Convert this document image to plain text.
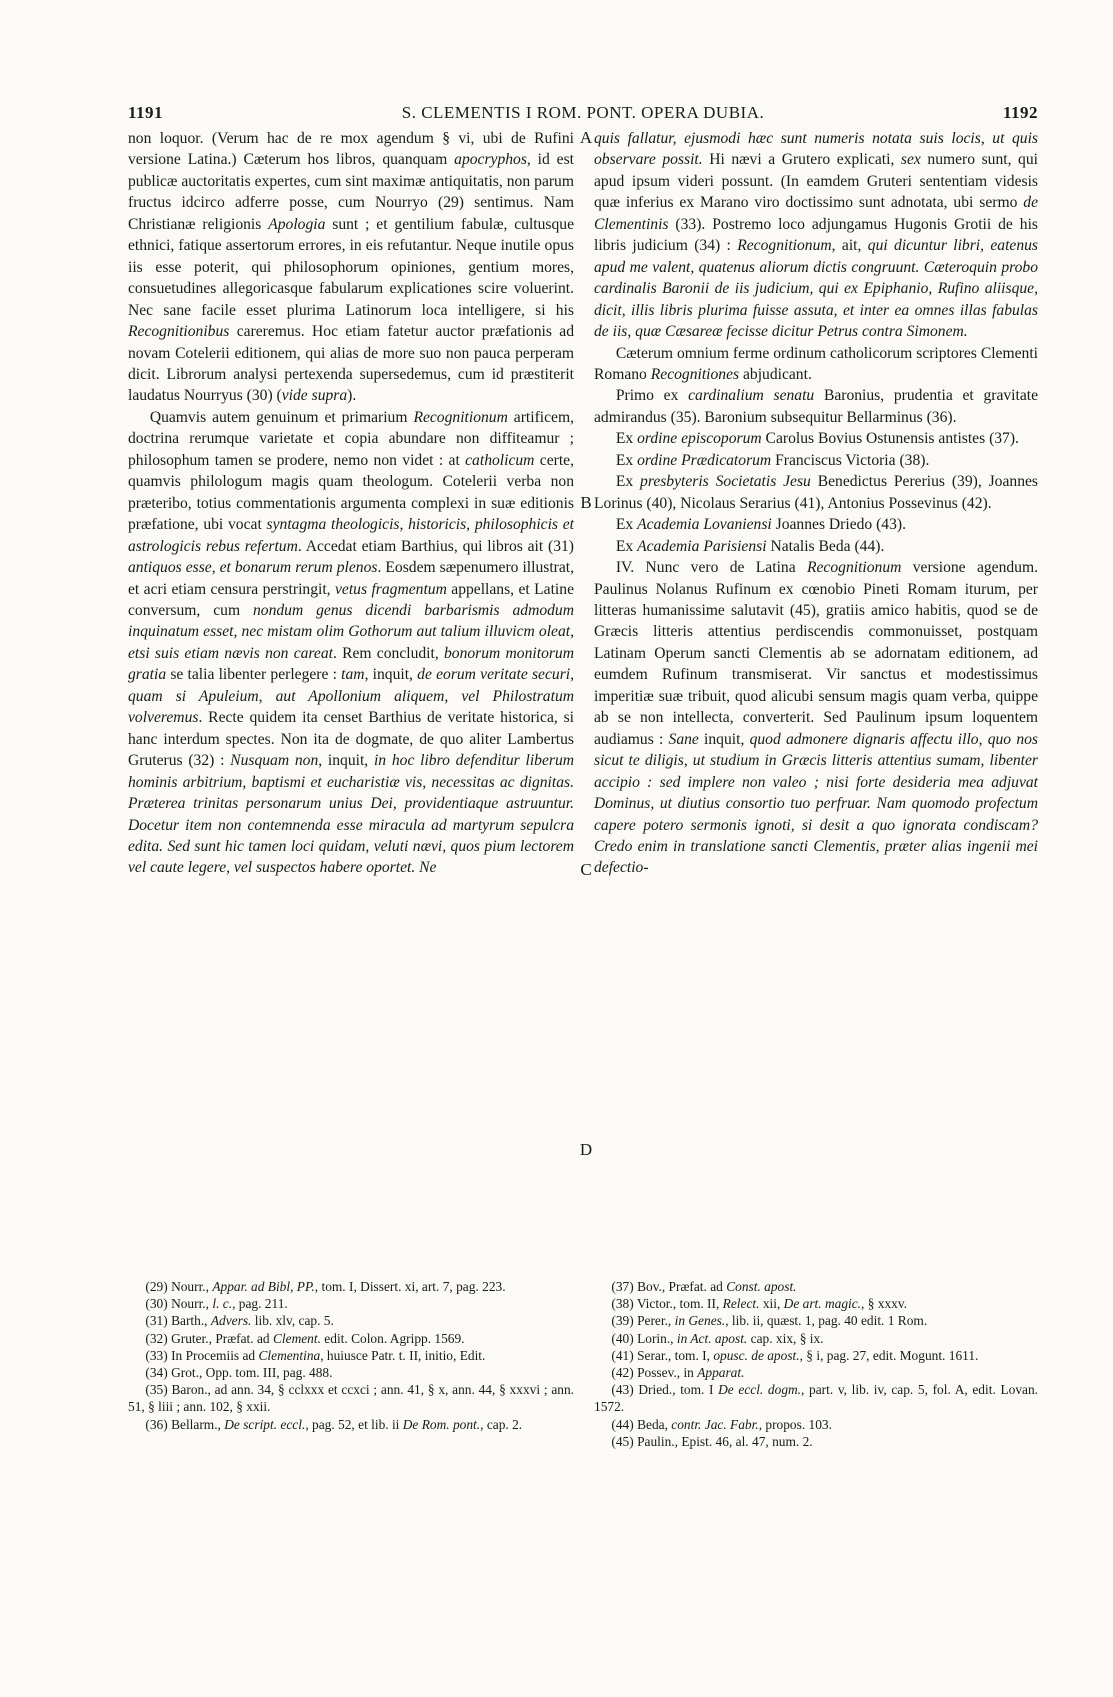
1191	S. CLEMENTIS I ROM. PONT. OPERA DUBIA.	1192
A
B
C
D

non loquor. (Verum hac de re mox agendum § vi, ubi de Rufini versione Latina.) Cæterum hos libros, quanquam apocryphos, id est publicæ auctoritatis expertes, cum sint maximæ antiquitatis, non parum fructus idcirco adferre posse, cum Nourryo (29) sentimus. Nam Christianæ religionis Apologia sunt ; et gentilium fabulæ, cultusque ethnici, fatique assertorum errores, in eis refutantur. Neque inutile opus iis esse poterit, qui philosophorum opiniones, gentium mores, consuetudines allegoricasque fabularum explicationes scire voluerint. Nec sane facile esset plurima Latinorum loca intelligere, si his Recognitionibus careremus. Hoc etiam fatetur auctor præfationis ad novam Cotelerii editionem, qui alias de more suo non pauca perperam dicit. Librorum analysi pertexenda supersedemus, cum id præstiterit laudatus Nourryus (30) (vide supra).

Quamvis autem genuinum et primarium Recognitionum artificem, doctrina rerumque varietate et copia abundare non diffiteamur ; philosophum tamen se prodere, nemo non videt : at catholicum certe, quamvis philologum magis quam theologum. Cotelerii verba non præteribo, totius commentationis argumenta complexi in suæ editionis præfatione, ubi vocat syntagma theologicis, historicis, philosophicis et astrologicis rebus refertum. Accedat etiam Barthius, qui libros ait (31) antiquos esse, et bonarum rerum plenos. Eosdem sæpenumero illustrat, et acri etiam censura perstringit, vetus fragmentum appellans, et Latine conversum, cum nondum genus dicendi barbarismis admodum inquinatum esset, nec mistam olim Gothorum aut talium illuvicm oleat, etsi suis etiam nævis non careat. Rem concludit, bonorum monitorum gratia se talia libenter perlegere : tam, inquit, de eorum veritate securi, quam si Apuleium, aut Apollonium aliquem, vel Philostratum volveremus. Recte quidem ita censet Barthius de veritate historica, si hanc interdum spectes. Non ita de dogmate, de quo aliter Lambertus Gruterus (32) : Nusquam non, inquit, in hoc libro defenditur liberum hominis arbitrium, baptismi et eucharistiæ vis, necessitas ac dignitas. Præterea trinitas personarum unius Dei, providentiaque astruuntur. Docetur item non contemnenda esse miracula ad martyrum sepulcra edita. Sed sunt hic tamen loci quidam, veluti nævi, quos pium lectorem vel caute legere, vel suspectos habere oportet. Ne

quis fallatur, ejusmodi hæc sunt numeris notata suis locis, ut quis observare possit. Hi nævi a Grutero explicati, sex numero sunt, qui apud ipsum videri possunt. (In eamdem Gruteri sententiam videsis quæ inferius ex Marano viro doctissimo sunt adnotata, ubi sermo de Clementinis (33). Postremo loco adjungamus Hugonis Grotii de his libris judicium (34) : Recognitionum, ait, qui dicuntur libri, eatenus apud me valent, quatenus aliorum dictis congruunt. Cæteroquin probo cardinalis Baronii de iis judicium, qui ex Epiphanio, Rufino aliisque, dicit, illis libris plurima fuisse assuta, et inter ea omnes illas fabulas de iis, quæ Cæsareæ fecisse dicitur Petrus contra Simonem.

Cæterum omnium ferme ordinum catholicorum scriptores Clementi Romano Recognitiones abjudicant.

Primo ex cardinalium senatu Baronius, prudentia et gravitate admirandus (35). Baronium subsequitur Bellarminus (36).

Ex ordine episcoporum Carolus Bovius Ostunensis antistes (37).

Ex ordine Prædicatorum Franciscus Victoria (38).

Ex presbyteris Societatis Jesu Benedictus Pererius (39), Joannes Lorinus (40), Nicolaus Serarius (41), Antonius Possevinus (42).

Ex Academia Lovaniensi Joannes Driedo (43).

Ex Academia Parisiensi Natalis Beda (44).

IV. Nunc vero de Latina Recognitionum versione agendum. Paulinus Nolanus Rufinum ex cœnobio Pineti Romam iturum, per litteras humanissime salutavit (45), gratiis amico habitis, quod se de Græcis litteris attentius perdiscendis commonuisset, postquam Latinam Operum sancti Clementis ab se adornatam editionem, ad eumdem Rufinum transmiserat. Vir sanctus et modestissimus imperitiæ suæ tribuit, quod alicubi sensum magis quam verba, quippe ab se non intellecta, converterit. Sed Paulinum ipsum loquentem audiamus : Sane inquit, quod admonere dignaris affectu illo, quo nos sicut te diligis, ut studium in Græcis litteris attentius sumam, libenter accipio : sed implere non valeo ; nisi forte desideria mea adjuvat Dominus, ut diutius consortio tuo perfruar. Nam quomodo profectum capere potero sermonis ignoti, si desit a quo ignorata condiscam? Credo enim in translatione sancti Clementis, præter alias ingenii mei defectio-

(29) Nourr., Appar. ad Bibl, PP., tom. I, Dissert. xi, art. 7, pag. 223.

(30) Nourr., l. c., pag. 211.

(31) Barth., Advers. lib. xlv, cap. 5.

(32) Gruter., Præfat. ad Clement. edit. Colon. Agripp. 1569.

(33) In Procemiis ad Clementina, huiusce Patr. t. II, initio, Edit.

(34) Grot., Opp. tom. III, pag. 488.

(35) Baron., ad ann. 34, § cclxxx et ccxci ; ann. 41, § x, ann. 44, § xxxvi ; ann. 51, § liii ; ann. 102, § xxii.

(36) Bellarm., De script. eccl., pag. 52, et lib. ii De Rom. pont., cap. 2.

(37) Bov., Præfat. ad Const. apost.

(38) Victor., tom. II, Relect. xii, De art. magic., § xxxv.

(39) Perer., in Genes., lib. ii, quæst. 1, pag. 40 edit. 1 Rom.

(40) Lorin., in Act. apost. cap. xix, § ix.

(41) Serar., tom. I, opusc. de apost., § i, pag. 27, edit. Mogunt. 1611.

(42) Possev., in Apparat.

(43) Dried., tom. I De eccl. dogm., part. v, lib. iv, cap. 5, fol. A, edit. Lovan. 1572.

(44) Beda, contr. Jac. Fabr., propos. 103.

(45) Paulin., Epist. 46, al. 47, num. 2.
